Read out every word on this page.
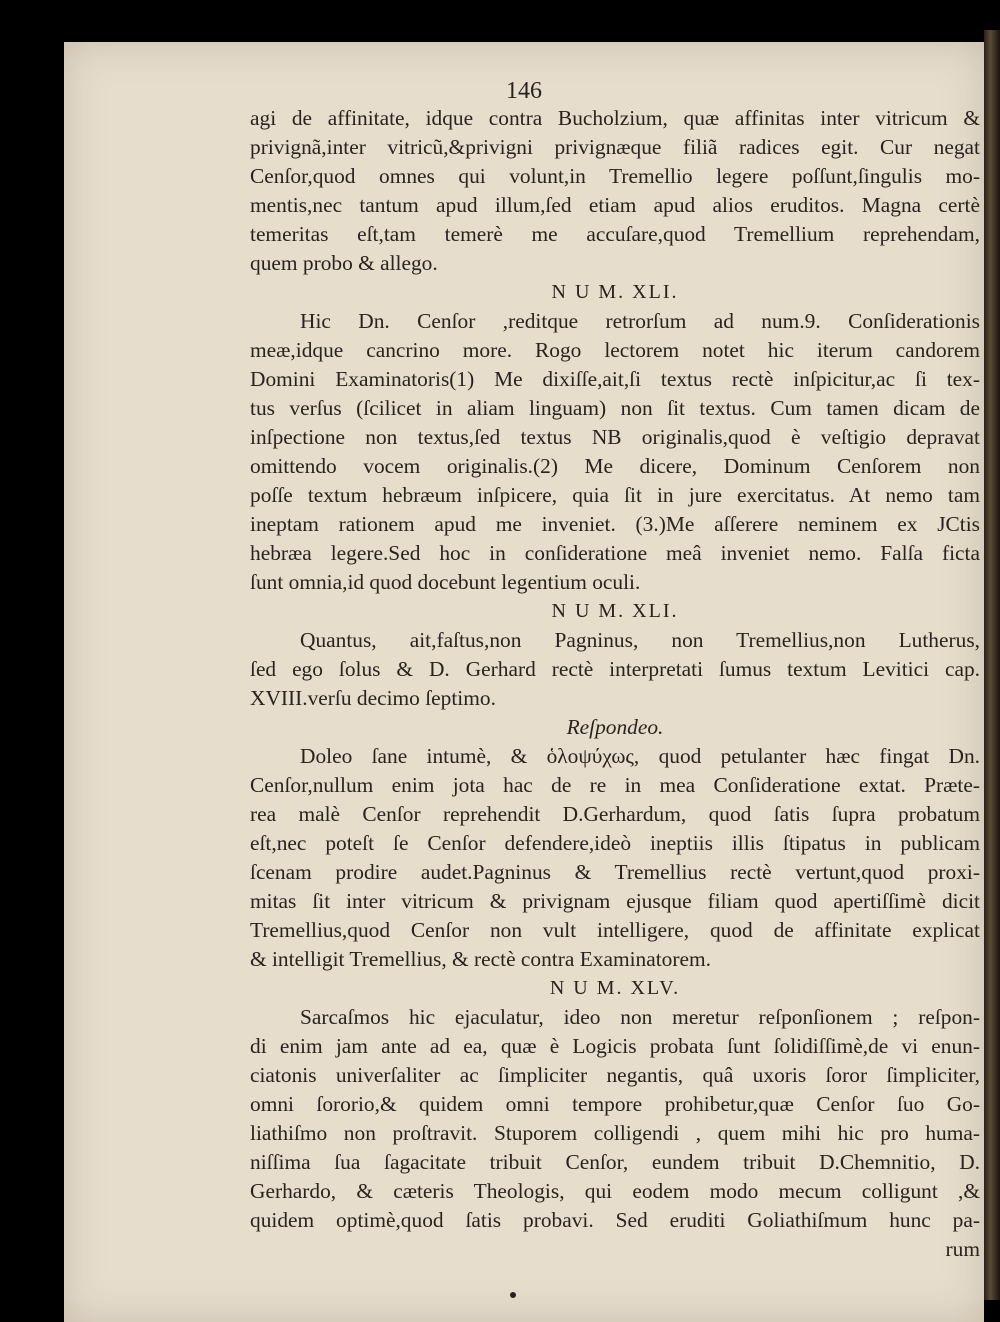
146
agi de affinitate, idque contra Bucholzium, quæ affinitas inter vitricum &
privignã,inter vitricũ,&privigni privignæque filiã radices egit. Cur negat
Cenſor,quod omnes qui volunt,in Tremellio legere poſſunt,ſingulis mo-
mentis,nec tantum apud illum,ſed etiam apud alios eruditos. Magna certè
temeritas eſt,tam temerè me accuſare,quod Tremellium reprehendam,
quem probo & allego.
N U M. XLI.
Hic Dn. Cenſor ,reditque retrorſum ad num.9. Conſiderationis
meæ,idque cancrino more. Rogo lectorem notet hic iterum candorem
Domini Examinatoris(1) Me dixiſſe,ait,ſi textus rectè inſpicitur,ac ſi tex-
tus verſus (ſcilicet in aliam linguam) non ſit textus. Cum tamen dicam de
inſpectione non textus,ſed textus NB originalis,quod è veſtigio depravat
omittendo vocem originalis.(2) Me dicere, Dominum Cenſorem non
poſſe textum hebræum inſpicere, quia ſit in jure exercitatus. At nemo tam
ineptam rationem apud me inveniet. (3.)Me aſſerere neminem ex JCtis
hebræa legere.Sed hoc in conſideratione meâ inveniet nemo. Falſa ficta
ſunt omnia,id quod docebunt legentium oculi.
N U M. XLI.
Quantus, ait,faſtus,non Pagninus, non Tremellius,non Lutherus,
ſed ego ſolus & D. Gerhard rectè interpretati ſumus textum Levitici cap.
XVIII.verſu decimo ſeptimo.
Reſpondeo.
Doleo ſane intumè, & ὁλοψύχως, quod petulanter hæc fingat Dn.
Cenſor,nullum enim jota hac de re in mea Conſideratione extat. Præte-
rea malè Cenſor reprehendit D.Gerhardum, quod ſatis ſupra probatum
eſt,nec poteſt ſe Cenſor defendere,ideò ineptiis illis ſtipatus in publicam
ſcenam prodire audet.Pagninus & Tremellius rectè vertunt,quod proxi-
mitas ſit inter vitricum & privignam ejusque filiam quod apertiſſimè dicit
Tremellius,quod Cenſor non vult intelligere, quod de affinitate explicat
& intelligit Tremellius, & rectè contra Examinatorem.
N U M. XLV.
Sarcaſmos hic ejaculatur, ideo non meretur reſponſionem ; reſpon-
di enim jam ante ad ea, quæ è Logicis probata ſunt ſolidiſſimè,de vi enun-
ciatonis univerſaliter ac ſimpliciter negantis, quâ uxoris ſoror ſimpliciter,
omni ſororio,& quidem omni tempore prohibetur,quæ Cenſor ſuo Go-
liathiſmo non proſtravit. Stuporem colligendi , quem mihi hic pro huma-
niſſima ſua ſagacitate tribuit Cenſor, eundem tribuit D.Chemnitio, D.
Gerhardo, & cæteris Theologis, qui eodem modo mecum colligunt ,&
quidem optimè,quod ſatis probavi. Sed eruditi Goliathiſmum hunc pa-
rum
